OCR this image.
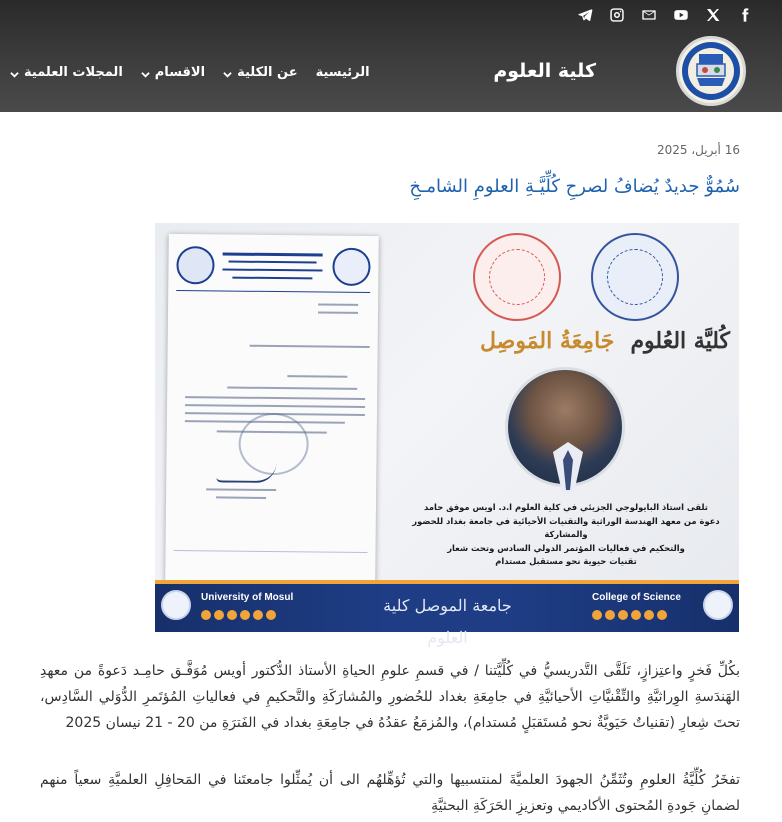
كلية العلوم
الرئيسية
عن الكلية
الاقسام
المجلات العلمية
16 أبريل، 2025
سُمُوٌّ جديدٌ يُضافُ لصرحِ كُلِّيَّـةِ العلومِ الشامـخِ
جَامِعَةُ المَوصِل كُليَّة العُلوم
تلقى استاذ البايولوجي الجزيئي في كلية العلوم ا.د. اويس موفق حامد
دعوة من معهد الهندسة الوراثية والتقنيات الأحيائية في جامعة بغداد للحضور والمشاركة
والتحكيم في فعاليات المؤتمر الدولي السادس وتحت شعار
تقنيات حيوية نحو مستقبل مستدام
University of Mosul	جامعة الموصل كلية العلوم
College of Science

بكُلِّ فَخرٍ واعتِزازٍ، تَلَقَّى التَّدريسيُّ في كُلِّيَّتنا / في قسمِ علومِ الحياةِ الأستاذ الدُّكتور أويس مُوَفَّـق حامِـد دَعوةً من معهدِ الهَندَسةِ الوِراثيَّةِ والتِّقْنيَّاتِ الأحيائيَّةِ في جامِعَةِ بغداد للحُضورِ والمُشارَكَةِ والتَّحكيمِ في فعالياتِ المُؤتَمرِ الدُّوَلي السَّادِس، تحتَ شِعارِ (تقنياتٌ حَيَويَّةٌ نحو مُستَقبَلٍ مُستدام)، والمُزمَعُ عقدُهُ في جامِعَةِ بغداد في الفَترَةِ من 20 - 21 نيسان 2025

تفخَرُ كُلِّيَّةُ العلومِ وتُثَمِّنُ الجهودَ العلميَّةَ لمنتسبيها والتي تُؤهِّلهُم الى أن يُمثِّلوا جامعتَنا في المَحافِلِ العلميَّةِ سعياً منهم لضمانِ جَودةِ المُحتوى الأكاديمي وتعزيزِ الحَرَكَةِ البحثيَّةِ
